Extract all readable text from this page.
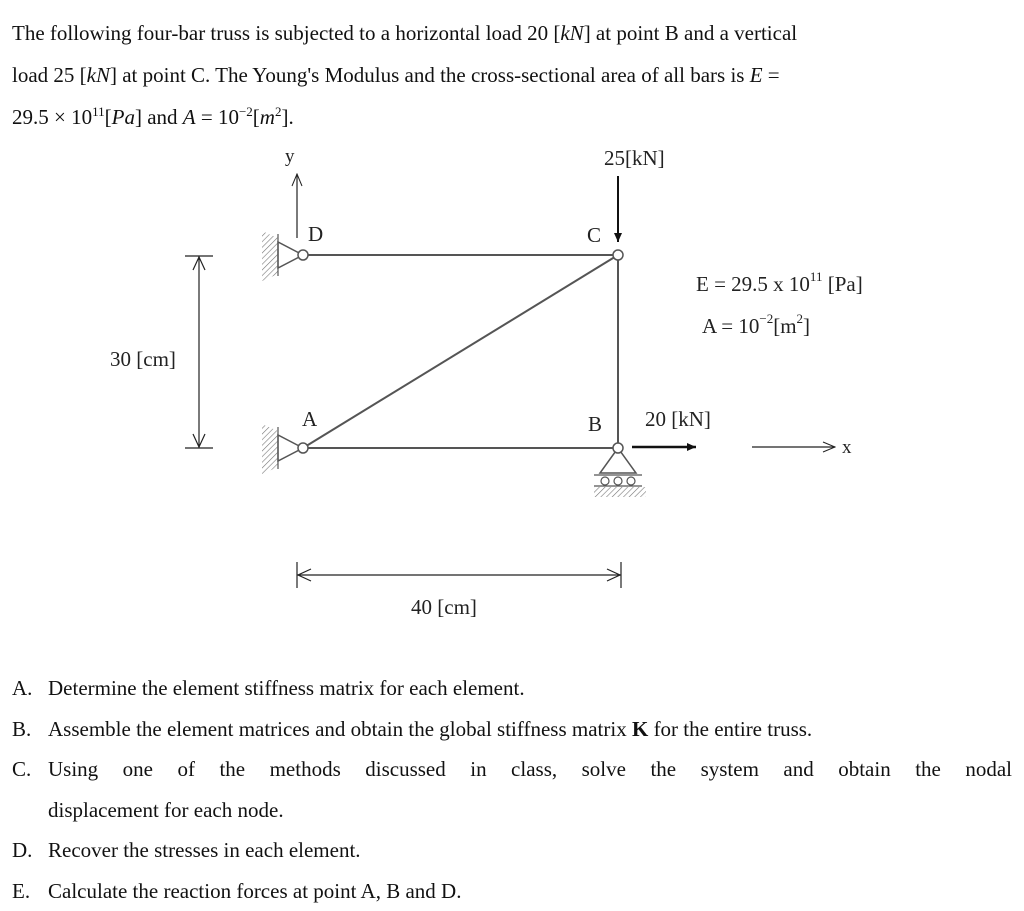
The following four-bar truss is subjected to a horizontal load 20 [kN] at point B and a vertical
load 25 [kN] at point C. The Young's Modulus and the cross-sectional area of all bars is E =
$29.5 \times 10^{11}[Pa]$ and $A = 10^{-2}[m^2]$.
y
x
D	C
A	B
25[kN]
20 [kN]
E = 29.5 x $10^{11}$ [Pa]
$A = 10^{-2}[m^2]$
30 [cm]
40 [cm]
A. Determine the element stiffness matrix for each element.
B. Assemble the element matrices and obtain the global stiffness matrix K for the entire truss.
C. Using one of the methods discussed in class, solve the system and obtain the nodal
displacement for each node.
D. Recover the stresses in each element.
E. Calculate the reaction forces at point A, B and D.
